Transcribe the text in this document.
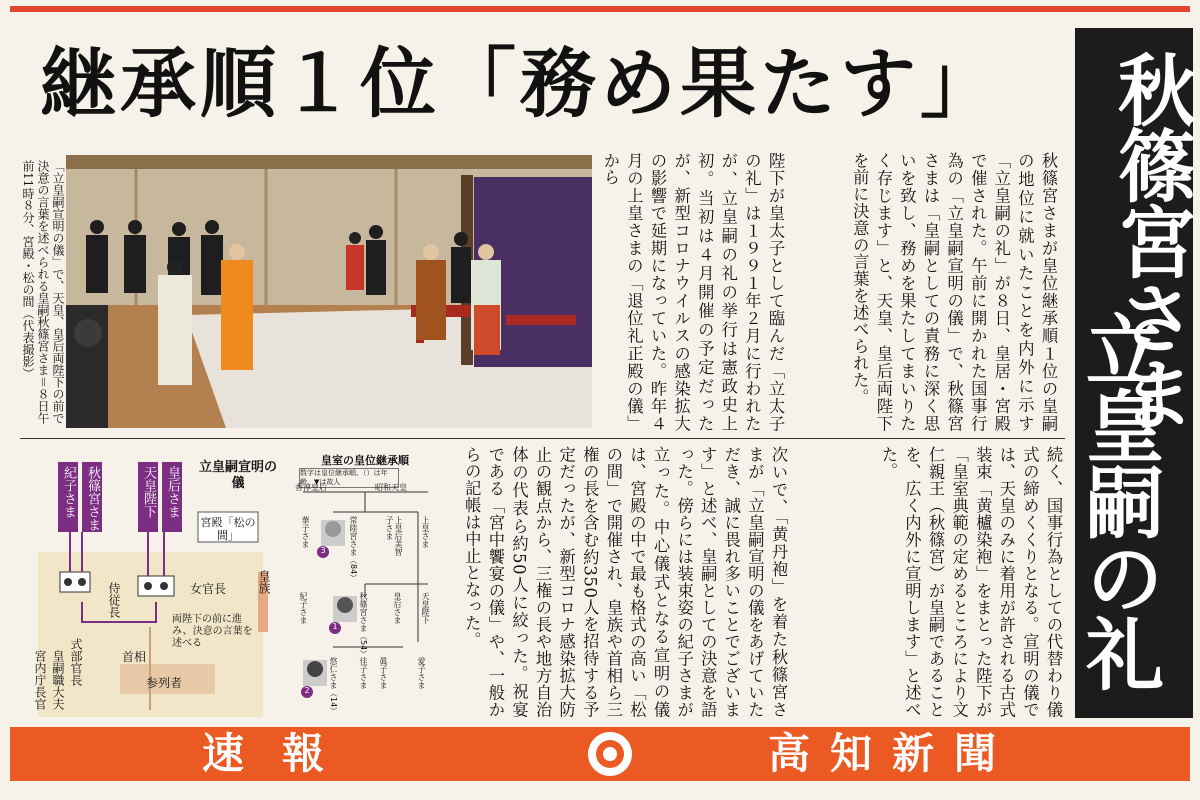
継承順１位「務め果たす」 秋篠宮さま
立皇嗣の礼
「立皇嗣宣明の儀」で、天皇、皇后両陛下の前で決意の言葉を述べられる皇嗣秋篠宮さま＝８日午前11時８分、宮殿・松の間（代表撮影）	秋篠宮さまが皇位継承順１位の皇嗣の地位に就いたことを内外に示す「立皇嗣の礼」が８日、皇居・宮殿で催された。午前に開かれた国事行為の「立皇嗣宣明の儀」で、秋篠宮さまは「皇嗣としての責務に深く思いを致し、務めを果たしてまいりたく存じます」と、天皇、皇后両陛下を前に決意の言葉を述べられた。
陛下が皇太子として臨んだ「立太子の礼」は１９９１年２月に行われたが、立皇嗣の礼の挙行は憲政史上初。当初は４月開催の予定だったが、新型コロナウイルスの感染拡大の影響で延期になっていた。昨年４月の上皇さまの「退位礼正殿の儀」から
続く、国事行為としての代替わり儀式の締めくくりとなる。宣明の儀では、天皇のみに着用が許される古式装束「黄櫨染袍」をまとった陛下が「皇室典範の定めるところにより文仁親王（秋篠宮）が皇嗣であることを、広く内外に宣明します」と述べた。
次いで、「黄丹袍」を着た秋篠宮さまが「立皇嗣宣明の儀をあげていただき、誠に畏れ多いことでございます」と述べ、皇嗣としての決意を語った。傍らには装束姿の紀子さまが立った。中心儀式となる宣明の儀は、宮殿の中で最も格式の高い「松の間」で開催され、皇族や首相ら三権の長を含む約350人を招待する予定だったが、新型コロナ感染拡大防止の観点から、三権の長や地方自治体の代表ら約50人に絞った。祝宴である「宮中饗宴の儀」や、一般からの記帳は中止となった。
紀子さま 秋篠宮さま	天皇陛下 皇后さま 立皇嗣宣明の儀
宮殿「松の間」
侍従長	女官長	皇族
両陛下の前に進み、決意の言葉を述べる
首相
参列者
式部官長
宮内庁長官 皇嗣職大夫
皇室の皇位継承順
数字は皇位継承順、（）は年齢、▼は故人
香淳皇后	昭和天皇
華子さま	常陸宮さま（84）
上皇后美智子さま	上皇さま
紀子さま	秋篠宮さま（54）
皇后さま 天皇陛下
悠仁さま（14）
佳子さま 眞子さま	愛子さま
3
1
2
速報	高知新聞
